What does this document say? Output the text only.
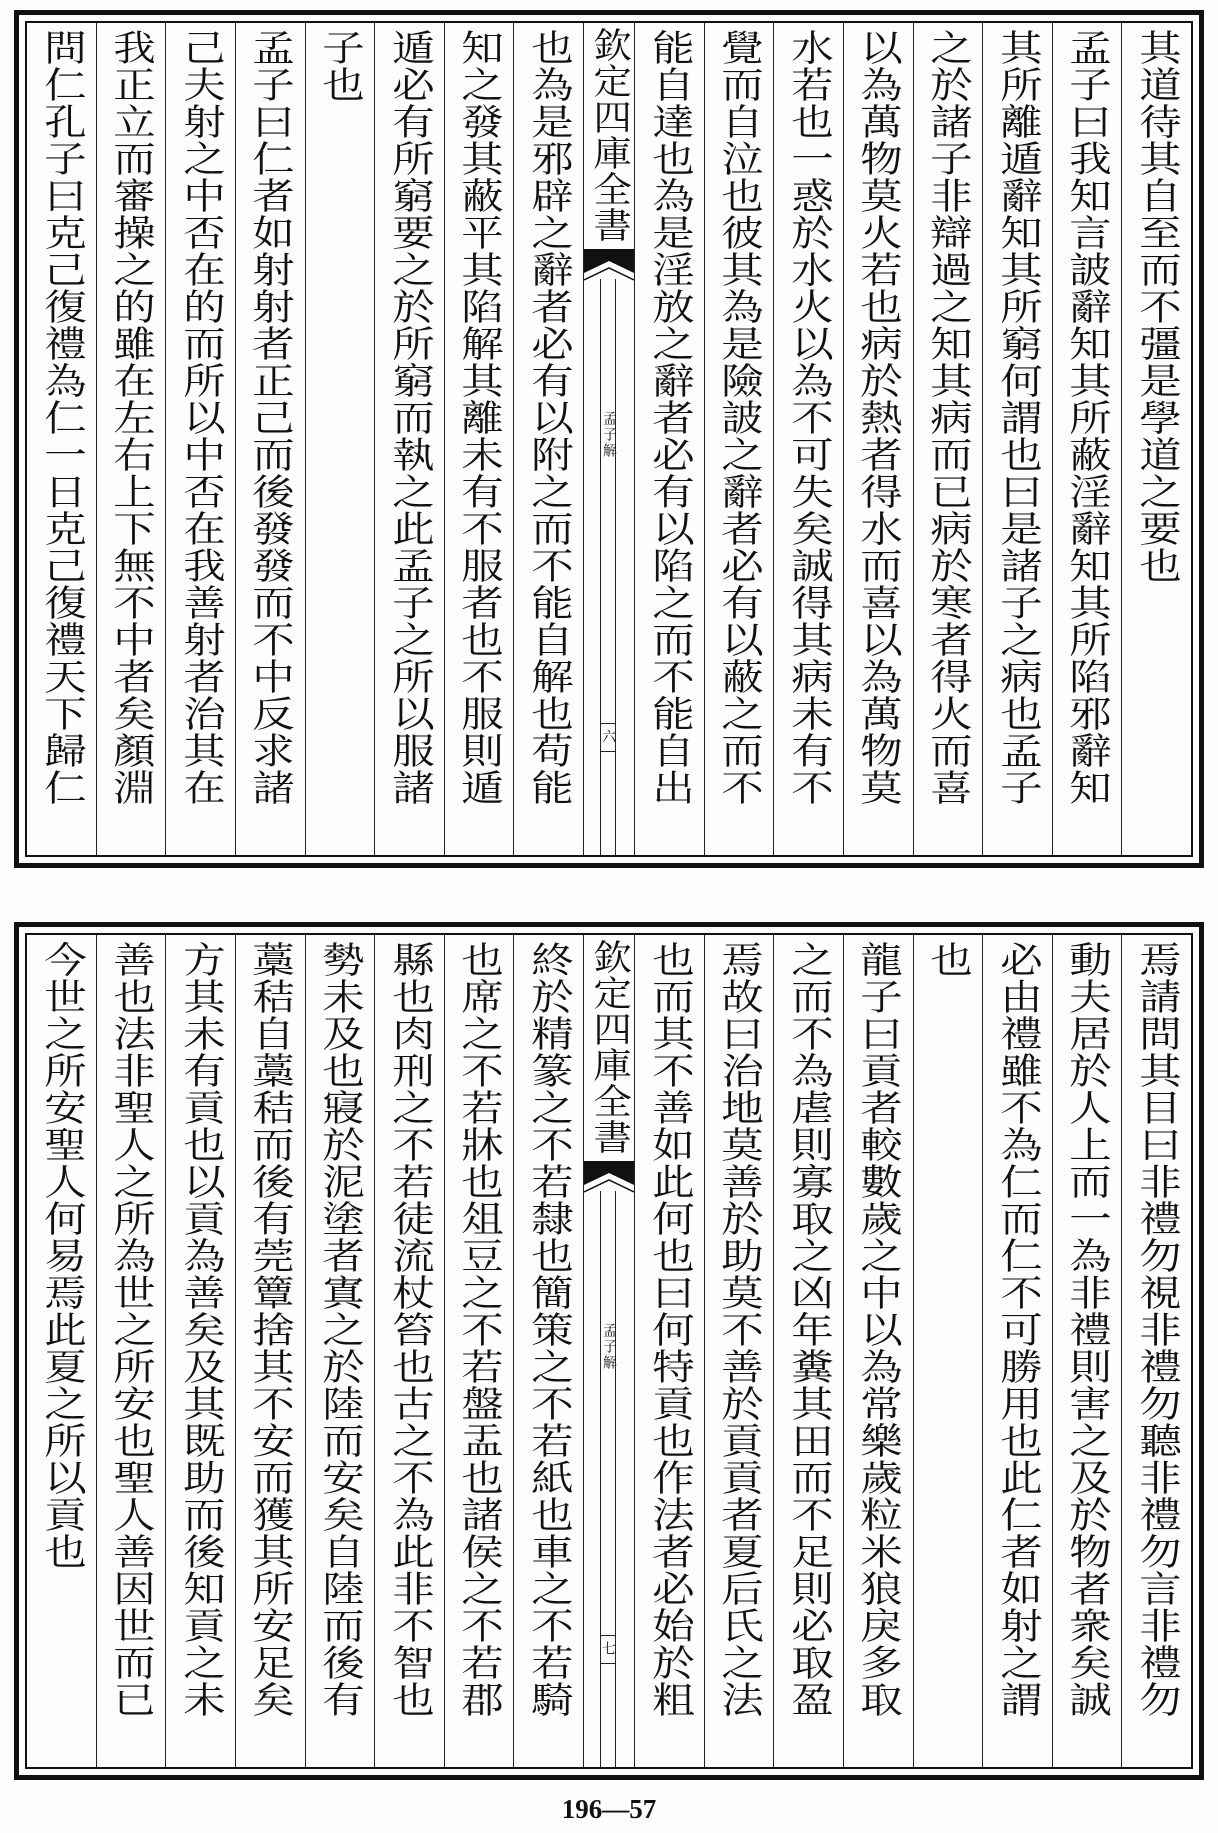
其道待其自至而不彊是學道之要也
孟子曰我知言詖辭知其所蔽淫辭知其所陷邪辭知
其所離遁辭知其所窮何謂也曰是諸子之病也孟子
之於諸子非辯過之知其病而已病於寒者得火而喜
以為萬物莫火若也病於熱者得水而喜以為萬物莫
水若也一惑於水火以為不可失矣誠得其病未有不
覺而自泣也彼其為是險詖之辭者必有以蔽之而不
能自達也為是淫放之辭者必有以陷之而不能自出
欽定四庫全書
孟子解
六
也為是邪辟之辭者必有以附之而不能自解也苟能
知之發其蔽平其陷解其離未有不服者也不服則遁
遁必有所窮要之於所窮而執之此孟子之所以服諸
子也
孟子曰仁者如射射者正己而後發發而不中反求諸
己夫射之中否在的而所以中否在我善射者治其在
我正立而審操之的雖在左右上下無不中者矣顏淵
問仁孔子曰克己復禮為仁一日克己復禮天下歸仁
焉請問其目曰非禮勿視非禮勿聽非禮勿言非禮勿
動夫居於人上而一為非禮則害之及於物者衆矣誠
必由禮雖不為仁而仁不可勝用也此仁者如射之謂
也
龍子曰貢者較數歲之中以為常樂歲粒米狼戾多取
之而不為虐則寡取之凶年糞其田而不足則必取盈
焉故曰治地莫善於助莫不善於貢貢者夏后氏之法
也而其不善如此何也曰何特貢也作法者必始於粗
欽定四庫全書
孟子解
七
終於精篆之不若隸也簡策之不若紙也車之不若騎
也席之不若牀也俎豆之不若盤盂也諸侯之不若郡
縣也肉刑之不若徒流杖笞也古之不為此非不智也
勢未及也寢於泥塗者寘之於陸而安矣自陸而後有
藁秸自藁秸而後有莞簟捨其不安而獲其所安足矣
方其未有貢也以貢為善矣及其既助而後知貢之未
善也法非聖人之所為世之所安也聖人善因世而已
今世之所安聖人何易焉此夏之所以貢也
196—57
